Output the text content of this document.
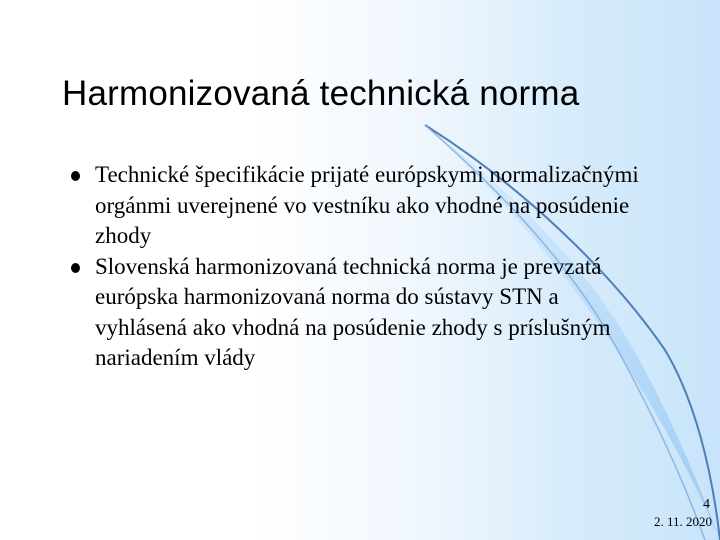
Harmonizovaná technická norma
Technické špecifikácie prijaté európskymi normalizačnými orgánmi uverejnené vo vestníku ako vhodné na posúdenie zhody
Slovenská harmonizovaná technická norma je prevzatá európska harmonizovaná norma do sústavy STN a vyhlásená ako vhodná na posúdenie zhody s príslušným nariadením vlády
4
2. 11. 2020
